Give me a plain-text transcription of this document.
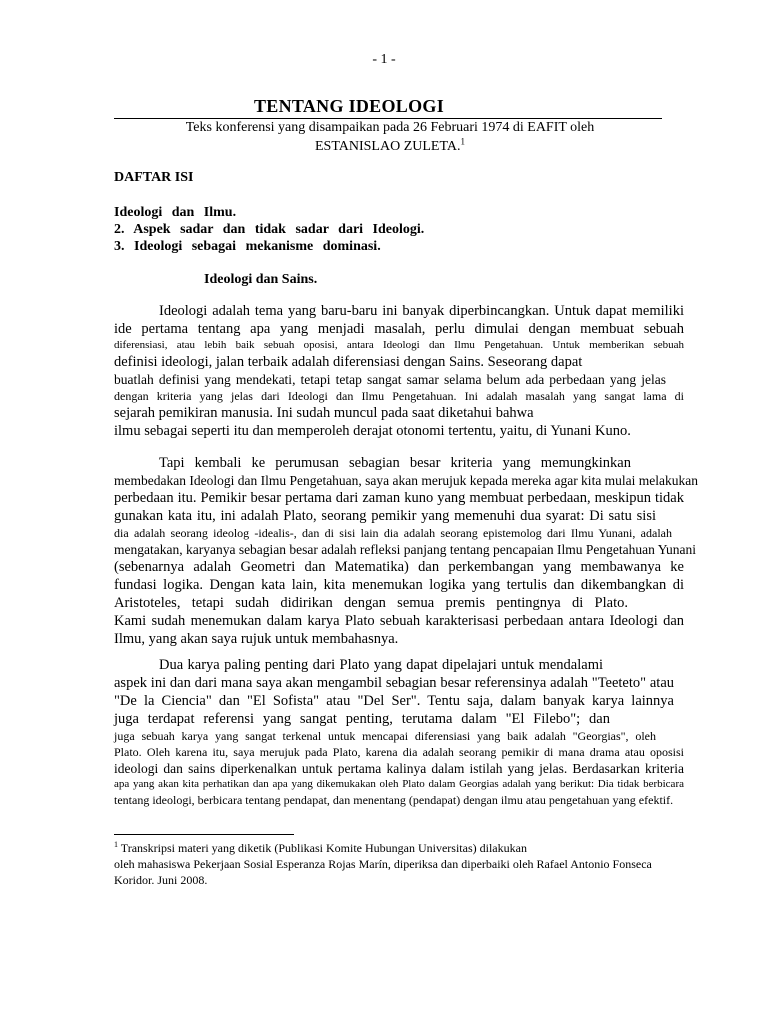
- 1 -
TENTANG IDEOLOGI
Teks konferensi yang disampaikan pada 26 Februari 1974 di EAFIT oleh
ESTANISLAO ZULETA.$^1$
DAFTAR ISI
Ideologi dan Ilmu.
2. Aspek sadar dan tidak sadar dari Ideologi.
3. Ideologi sebagai mekanisme dominasi.
Ideologi dan Sains.
Ideologi adalah tema yang baru-baru ini banyak diperbincangkan. Untuk dapat memiliki
ide pertama tentang apa yang menjadi masalah, perlu dimulai dengan membuat sebuah
diferensiasi, atau lebih baik sebuah oposisi, antara Ideologi dan Ilmu Pengetahuan. Untuk memberikan sebuah
definisi ideologi, jalan terbaik adalah diferensiasi dengan Sains. Seseorang dapat
buatlah definisi yang mendekati, tetapi tetap sangat samar selama belum ada perbedaan yang jelas
dengan kriteria yang jelas dari Ideologi dan Ilmu Pengetahuan. Ini adalah masalah yang sangat lama di
sejarah pemikiran manusia. Ini sudah muncul pada saat diketahui bahwa
ilmu sebagai seperti itu dan memperoleh derajat otonomi tertentu, yaitu, di Yunani Kuno.
Tapi kembali ke perumusan sebagian besar kriteria yang memungkinkan
membedakan Ideologi dan Ilmu Pengetahuan, saya akan merujuk kepada mereka agar kita mulai melakukan
perbedaan itu. Pemikir besar pertama dari zaman kuno yang membuat perbedaan, meskipun tidak
gunakan kata itu, ini adalah Plato, seorang pemikir yang memenuhi dua syarat: Di satu sisi
dia adalah seorang ideolog -idealis-, dan di sisi lain dia adalah seorang epistemolog dari Ilmu Yunani, adalah
mengatakan, karyanya sebagian besar adalah refleksi panjang tentang pencapaian Ilmu Pengetahuan Yunani
(sebenarnya adalah Geometri dan Matematika) dan perkembangan yang membawanya ke
fundasi logika. Dengan kata lain, kita menemukan logika yang tertulis dan dikembangkan di
Aristoteles, tetapi sudah didirikan dengan semua premis pentingnya di Plato.
Kami sudah menemukan dalam karya Plato sebuah karakterisasi perbedaan antara Ideologi dan
Ilmu, yang akan saya rujuk untuk membahasnya.
Dua karya paling penting dari Plato yang dapat dipelajari untuk mendalami
aspek ini dan dari mana saya akan mengambil sebagian besar referensinya adalah "Teeteto" atau
"De la Ciencia" dan "El Sofista" atau "Del Ser". Tentu saja, dalam banyak karya lainnya
juga terdapat referensi yang sangat penting, terutama dalam "El Filebo"; dan
juga sebuah karya yang sangat terkenal untuk mencapai diferensiasi yang baik adalah "Georgias", oleh
Plato. Oleh karena itu, saya merujuk pada Plato, karena dia adalah seorang pemikir di mana drama atau oposisi
ideologi dan sains diperkenalkan untuk pertama kalinya dalam istilah yang jelas. Berdasarkan kriteria
apa yang akan kita perhatikan dan apa yang dikemukakan oleh Plato dalam Georgias adalah yang berikut: Dia tidak berbicara
tentang ideologi, berbicara tentang pendapat, dan menentang (pendapat) dengan ilmu atau pengetahuan yang efektif.
$^1$ Transkripsi materi yang diketik (Publikasi Komite Hubungan Universitas) dilakukan
oleh mahasiswa Pekerjaan Sosial Esperanza Rojas Marín, diperiksa dan diperbaiki oleh Rafael Antonio Fonseca
Koridor. Juni 2008.
